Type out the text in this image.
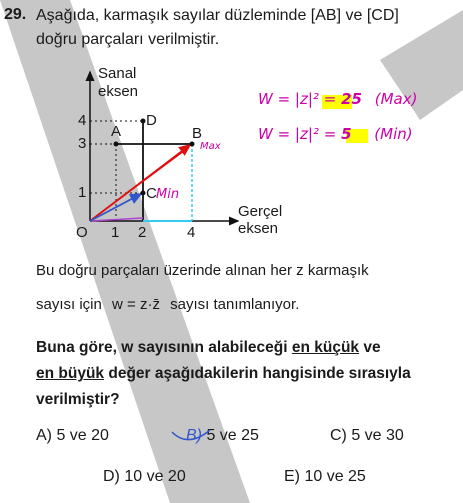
Max
Min
W = |z|² = 25 (Max)
W = |z|² = 5 (Min)
29. Aşağıda, karmaşık sayılar düzleminde [AB] ve [CD]
doğru parçaları verilmiştir.
Sanal
eksen
Gerçel
eksen
O 1 2	4
1
3
4
A	B
C
D
Bu doğru parçaları üzerinde alınan her z karmaşık
sayısı için w = z·z̄ sayısı tanımlanıyor.
Buna göre, w sayısının alabileceği en küçük ve
en büyük değer aşağıdakilerin hangisinde sırasıyla
verilmiştir?
A) 5 ve 20	B) 5 ve 25	C) 5 ve 30
D) 10 ve 20	E) 10 ve 25
